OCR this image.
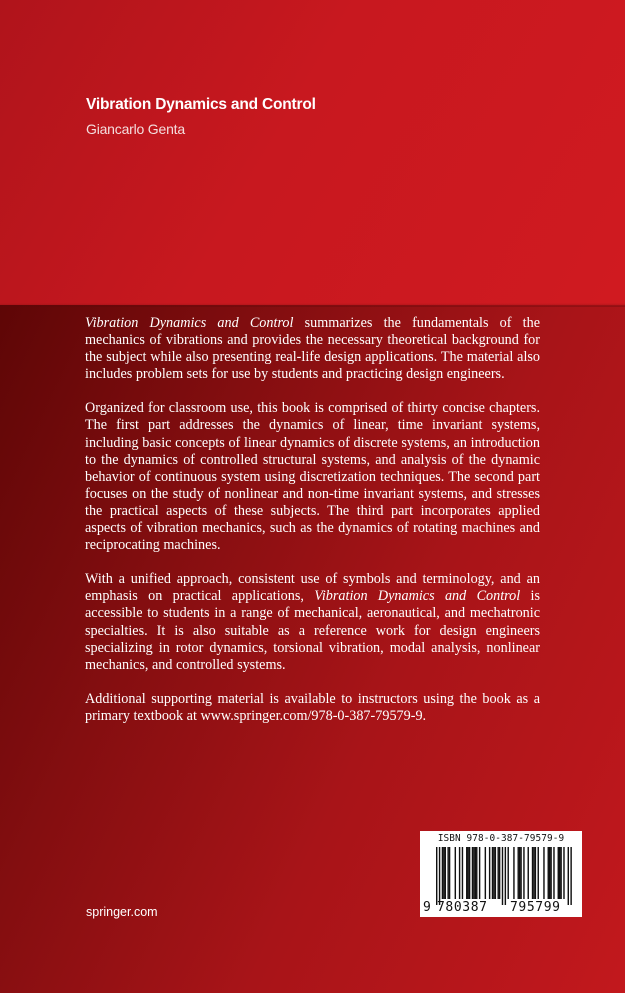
Vibration Dynamics and Control
Giancarlo Genta

Vibration Dynamics and Control summarizes the fundamentals of the mechanics of vibrations and provides the necessary theoretical background for the subject while also presenting real-life design applications. The material also includes problem sets for use by students and practicing design engineers.

Organized for classroom use, this book is comprised of thirty concise chapters. The first part addresses the dynamics of linear, time invariant systems, including basic concepts of linear dynamics of discrete systems, an introduction to the dynamics of controlled structural systems, and analysis of the dynamic behavior of continuous system using discretization techniques. The second part focuses on the study of nonlinear and non-time invariant systems, and stresses the practical aspects of these subjects. The third part incorporates applied aspects of vibration mechanics, such as the dynamics of rotating machines and reciprocating machines.

With a unified approach, consistent use of symbols and terminology, and an emphasis on practical applications, Vibration Dynamics and Control is accessible to students in a range of mechanical, aeronautical, and mechatronic specialties. It is also suitable as a reference work for design engineers specializing in rotor dynamics, torsional vibration, modal analysis, nonlinear mechanics, and controlled systems.

Additional supporting material is available to instructors using the book as a primary textbook at www.springer.com/978-0-387-79579-9.

springer.com
ISBN 978-0-387-79579-9
9 780387 795799
